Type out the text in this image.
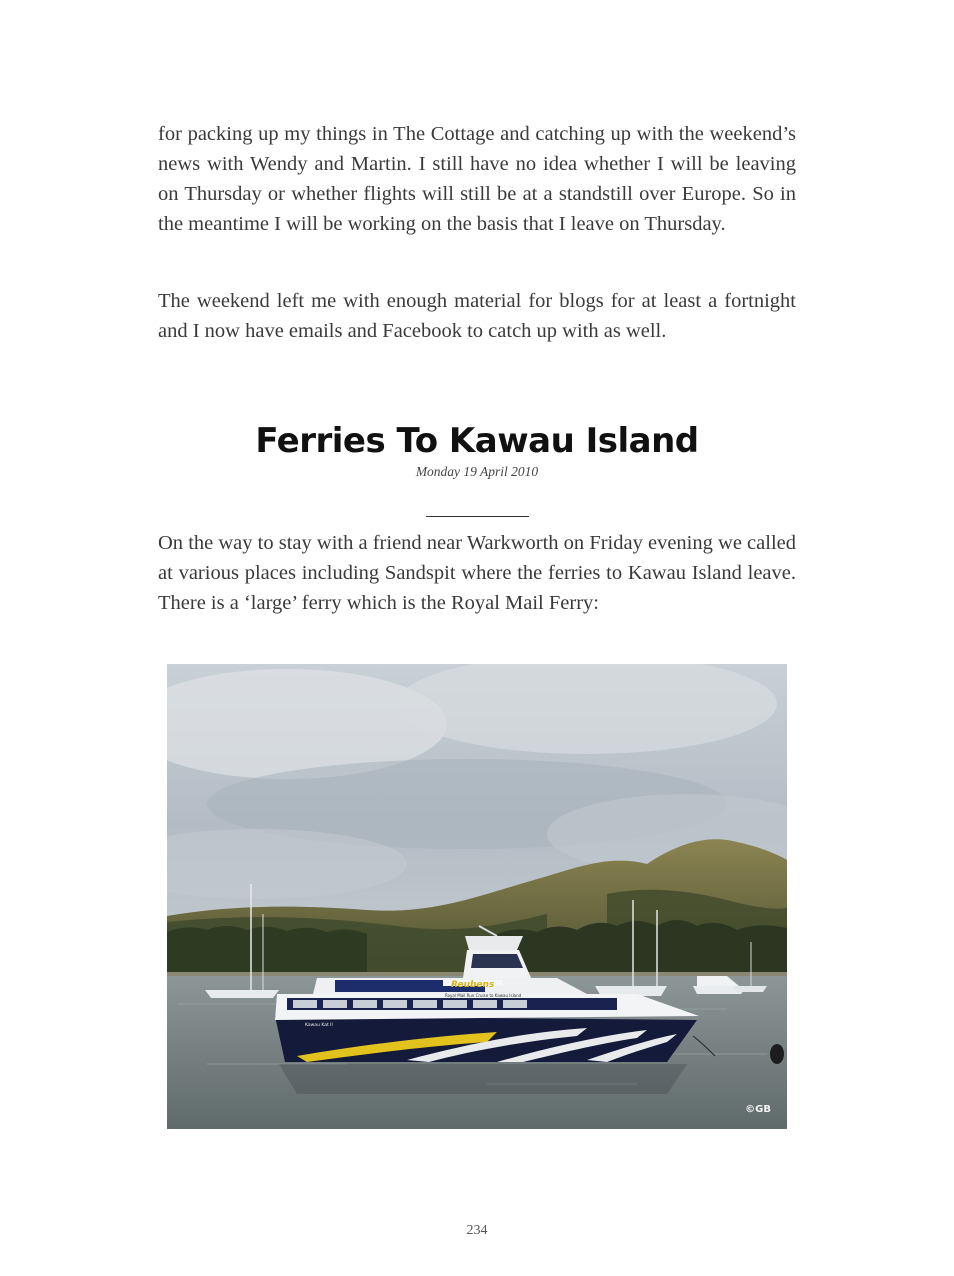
for packing up my things in The Cottage and catching up with the weekend’s news with Wendy and Martin. I still have no idea whether I will be leaving on Thursday or whether flights will still be at a standstill over Europe. So in the meantime I will be working on the basis that I leave on Thursday.

The weekend left me with enough material for blogs for at least a fortnight and I now have emails and Facebook to catch up with as well.

Ferries To Kawau Island
Monday 19 April 2010

On the way to stay with a friend near Warkworth on Friday evening we called at various places including Sandspit where the ferries to Kawau Island leave. There is a ‘large’ ferry which is the Royal Mail Ferry:

Reubens
Royal Mail Run Cruise to Kawau Island
Kawau Kat II
©GB
234
